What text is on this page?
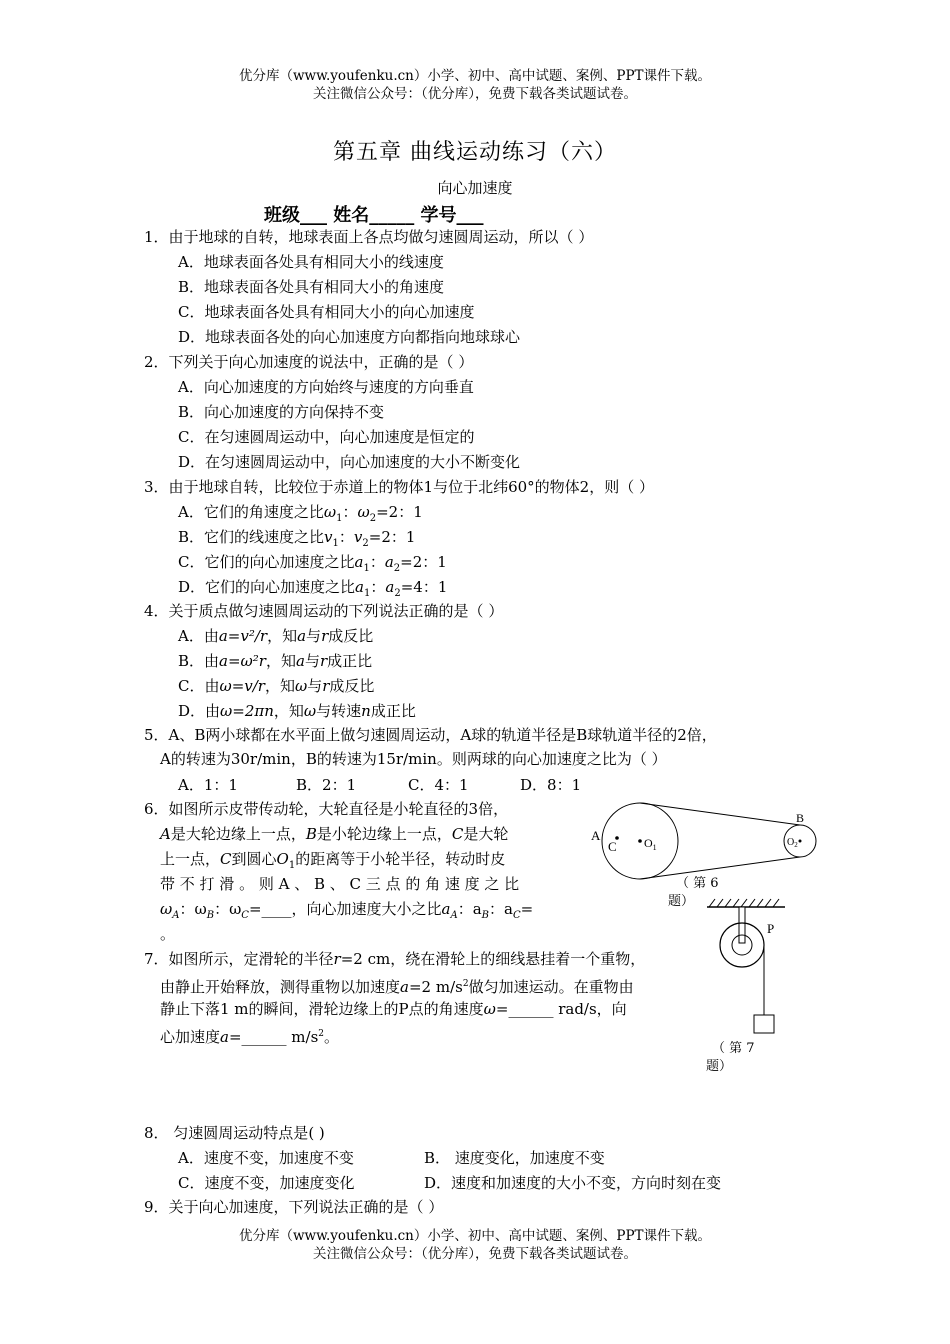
优分库（www.youfenku.cn）小学、初中、高中试题、案例、PPT课件下载。
关注微信公众号：（优分库），免费下载各类试题试卷。
第五章 曲线运动练习（六）
向心加速度
班级___ 姓名_____ 学号___
1．由于地球的自转，地球表面上各点均做匀速圆周运动，所以（ ）
A．地球表面各处具有相同大小的线速度
B．地球表面各处具有相同大小的角速度
C．地球表面各处具有相同大小的向心加速度
D．地球表面各处的向心加速度方向都指向地球球心
2．下列关于向心加速度的说法中，正确的是（ ）
A．向心加速度的方向始终与速度的方向垂直
B．向心加速度的方向保持不变
C．在匀速圆周运动中，向心加速度是恒定的
D．在匀速圆周运动中，向心加速度的大小不断变化
3．由于地球自转，比较位于赤道上的物体1与位于北纬60°的物体2，则（ ）
A．它们的角速度之比$\omega_1$：$\omega_2=2$：1
B．它们的线速度之比$v_1$：$v_2=2$：1
C．它们的向心加速度之比$a_1$：$a_2=2$：1
D．它们的向心加速度之比$a_1$：$a_2=4$：1
4．关于质点做匀速圆周运动的下列说法正确的是（ ）
A．由a=v²/r，知a与r成反比
B．由a=ω²r，知a与r成正比
C．由ω=v/r，知ω与r成反比
D．由ω=2πn，知ω与转速n成正比
5．A、B两小球都在水平面上做匀速圆周运动，A球的轨道半径是B球轨道半径的2倍，
A的转速为30r/min，B的转速为15r/min。则两球的向心加速度之比为（ ）
A．1：1	B．2：1	C．4：1	D．8：1
6．如图所示皮带传动轮，大轮直径是小轮直径的3倍，
A是大轮边缘上一点，B是小轮边缘上一点，C是大轮
上一点，C到圆心$O_1$的距离等于小轮半径，转动时皮
带 不 打 滑 。 则 A 、 B 、 C 三 点 的 角 速 度 之 比
$\omega_A$：$\omega_B$：$\omega_C=\_\_\_\_$，向心加速度大小之比$a_A$：$a_B$：$a_C=$
。
A
B
C $O_1$	$O_2$
（ 第 6
题）
7．如图所示，定滑轮的半径r=2 cm，绕在滑轮上的细线悬挂着一个重物，
由静止开始释放，测得重物以加速度a=2 $m/s^2$做匀加速运动。在重物由
静止下落1 m的瞬间，滑轮边缘上的P点的角速度ω=______ rad/s，向
心加速度a=______ $m/s^2$。
P
（ 第 7
题）
8． 匀速圆周运动特点是( )
A．速度不变，加速度不变	B． 速度变化，加速度不变
C．速度不变，加速度变化	D．速度和加速度的大小不变，方向时刻在变
9．关于向心加速度，下列说法正确的是（ ）
优分库（www.youfenku.cn）小学、初中、高中试题、案例、PPT课件下载。
关注微信公众号：（优分库），免费下载各类试题试卷。
